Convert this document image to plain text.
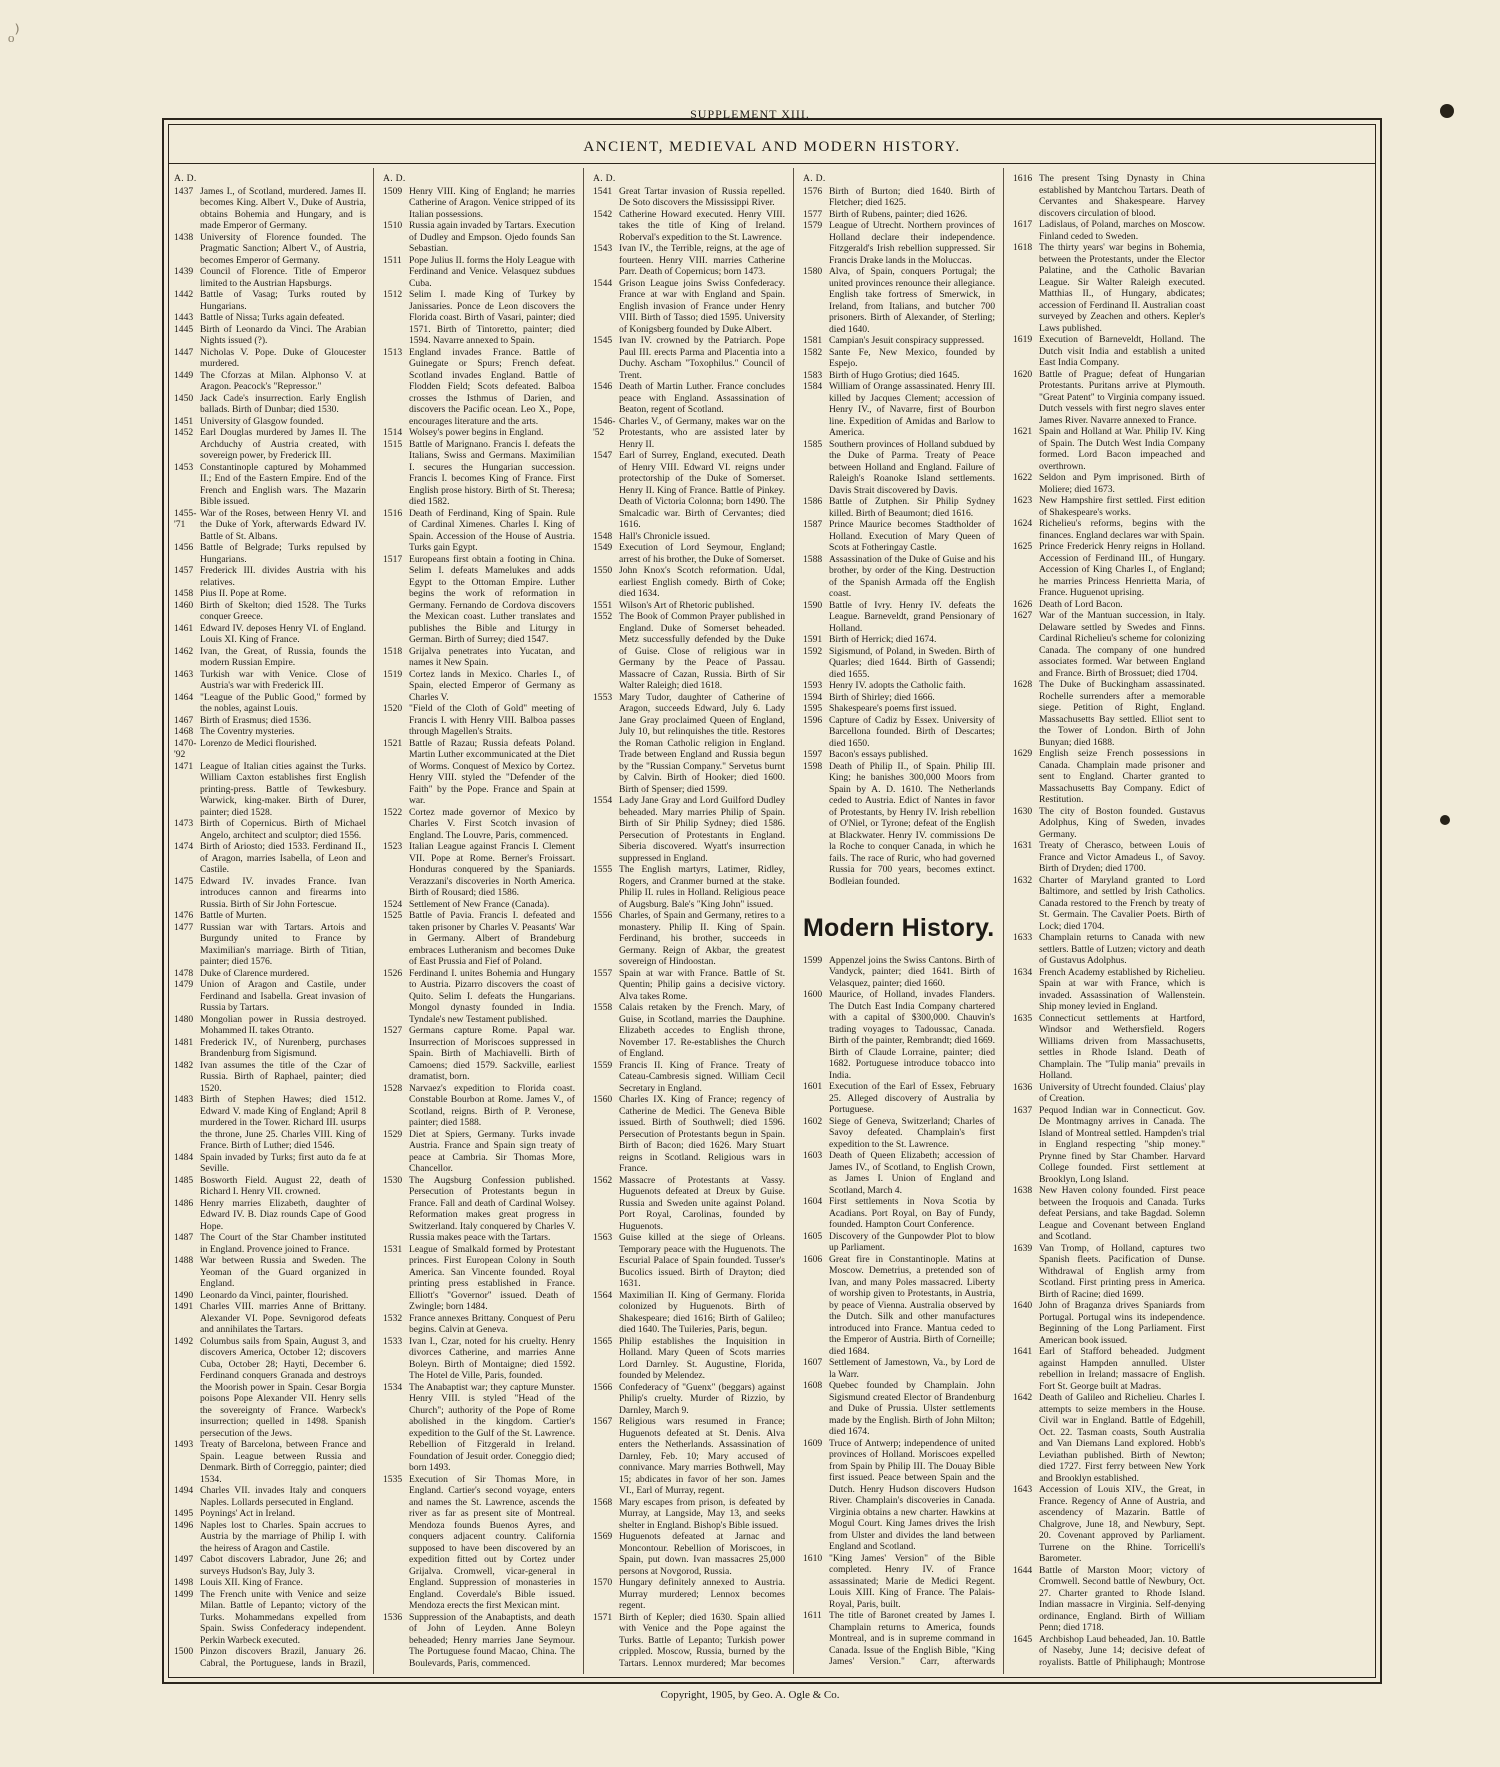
ₒ⁾
SUPPLEMENT XIII.
ANCIENT, MEDIEVAL AND MODERN HISTORY.
A. D.
1437 James I., of Scotland, murdered. James II. becomes King. Albert V., Duke of Austria, obtains Bohemia and Hungary, and is made Emperor of Germany.
1438 University of Florence founded. The Pragmatic Sanction; Albert V., of Austria, becomes Emperor of Germany.
1439 Council of Florence. Title of Emperor limited to the Austrian Hapsburgs.
1442 Battle of Vasag; Turks routed by Hungarians.
1443 Battle of Nissa; Turks again defeated.
1445 Birth of Leonardo da Vinci. The Arabian Nights issued (?).
1447 Nicholas V. Pope. Duke of Gloucester murdered.
1449 The Cforzas at Milan. Alphonso V. at Aragon. Peacock's "Repressor."
1450 Jack Cade's insurrection. Early English ballads. Birth of Dunbar; died 1530.
1451 University of Glasgow founded.
1452 Earl Douglas murdered by James II. The Archduchy of Austria created, with sovereign power, by Frederick III.
1453 Constantinople captured by Mohammed II.; End of the Eastern Empire. End of the French and English wars. The Mazarin Bible issued.
1455-'71
War of the Roses, between Henry VI. and the Duke of York, afterwards Edward IV. Battle of St. Albans.
1456 Battle of Belgrade; Turks repulsed by Hungarians.
1457 Frederick III. divides Austria with his relatives.
1458 Pius II. Pope at Rome.
1460 Birth of Skelton; died 1528. The Turks conquer Greece.
1461 Edward IV. deposes Henry VI. of England. Louis XI. King of France.
1462 Ivan, the Great, of Russia, founds the modern Russian Empire.
1463 Turkish war with Venice. Close of Austria's war with Frederick III.
1464 "League of the Public Good," formed by the nobles, against Louis.
1467 Birth of Erasmus; died 1536.
1468 The Coventry mysteries.
1470-'92
Lorenzo de Medici flourished.
1471 League of Italian cities against the Turks. William Caxton establishes first English printing-press. Battle of Tewkesbury. Warwick, king-maker. Birth of Durer, painter; died 1528.
1473 Birth of Copernicus. Birth of Michael Angelo, architect and sculptor; died 1556.
1474 Birth of Ariosto; died 1533. Ferdinand II., of Aragon, marries Isabella, of Leon and Castile.
1475 Edward IV. invades France. Ivan introduces cannon and firearms into Russia. Birth of Sir John Fortescue.
1476 Battle of Murten.
1477 Russian war with Tartars. Artois and Burgundy united to France by Maximilian's marriage. Birth of Titian, painter; died 1576.
1478 Duke of Clarence murdered.
1479 Union of Aragon and Castile, under Ferdinand and Isabella. Great invasion of Russia by Tartars.
1480 Mongolian power in Russia destroyed. Mohammed II. takes Otranto.
1481 Frederick IV., of Nurenberg, purchases Brandenburg from Sigismund.
1482 Ivan assumes the title of the Czar of Russia. Birth of Raphael, painter; died 1520.
1483 Birth of Stephen Hawes; died 1512. Edward V. made King of England; April 8 murdered in the Tower. Richard III. usurps the throne, June 25. Charles VIII. King of France. Birth of Luther; died 1546.
1484 Spain invaded by Turks; first auto da fe at Seville.
1485 Bosworth Field. August 22, death of Richard I. Henry VII. crowned.
1486 Henry marries Elizabeth, daughter of Edward IV. B. Diaz rounds Cape of Good Hope.
1487 The Court of the Star Chamber instituted in England. Provence joined to France.
1488 War between Russia and Sweden. The Yeoman of the Guard organized in England.
1490 Leonardo da Vinci, painter, flourished.
1491 Charles VIII. marries Anne of Brittany. Alexander VI. Pope. Sevnigorod defeats and annihilates the Tartars.
1492 Columbus sails from Spain, August 3, and discovers America, October 12; discovers Cuba, October 28; Hayti, December 6. Ferdinand conquers Granada and destroys the Moorish power in Spain. Cesar Borgia poisons Pope Alexander VII. Henry sells the sovereignty of France. Warbeck's insurrection; quelled in 1498. Spanish persecution of the Jews.
1493 Treaty of Barcelona, between France and Spain. League between Russia and Denmark. Birth of Correggio, painter; died 1534.
1494 Charles VII. invades Italy and conquers Naples. Lollards persecuted in England.
1495 Poynings' Act in Ireland.
1496 Naples lost to Charles. Spain accrues to Austria by the marriage of Philip I. with the heiress of Aragon and Castile.
1497 Cabot discovers Labrador, June 26; and surveys Hudson's Bay, July 3.
1498 Louis XII. King of France.
1499 The French unite with Venice and seize Milan. Battle of Lepanto; victory of the Turks. Mohammedans expelled from Spain. Swiss Confederacy independent. Perkin Warbeck executed.
1500 Pinzon discovers Brazil, January 26. Cabral, the Portuguese, lands in Brazil,
A. D.
1509 Henry VIII. King of England; he marries Catherine of Aragon. Venice stripped of its Italian possessions.
1510 Russia again invaded by Tartars. Execution of Dudley and Empson. Ojedo founds San Sebastian.
1511 Pope Julius II. forms the Holy League with Ferdinand and Venice. Velasquez subdues Cuba.
1512 Selim I. made King of Turkey by Janissaries. Ponce de Leon discovers the Florida coast. Birth of Vasari, painter; died 1571. Birth of Tintoretto, painter; died 1594. Navarre annexed to Spain.
1513 England invades France. Battle of Guinegate or Spurs; French defeat. Scotland invades England. Battle of Flodden Field; Scots defeated. Balboa crosses the Isthmus of Darien, and discovers the Pacific ocean. Leo X., Pope, encourages literature and the arts.
1514 Wolsey's power begins in England.
1515 Battle of Marignano. Francis I. defeats the Italians, Swiss and Germans. Maximilian I. secures the Hungarian succession. Francis I. becomes King of France. First English prose history. Birth of St. Theresa; died 1582.
1516 Death of Ferdinand, King of Spain. Rule of Cardinal Ximenes. Charles I. King of Spain. Accession of the House of Austria. Turks gain Egypt.
1517 Europeans first obtain a footing in China. Selim I. defeats Mamelukes and adds Egypt to the Ottoman Empire. Luther begins the work of reformation in Germany. Fernando de Cordova discovers the Mexican coast. Luther translates and publishes the Bible and Liturgy in German. Birth of Surrey; died 1547.
1518 Grijalva penetrates into Yucatan, and names it New Spain.
1519 Cortez lands in Mexico. Charles I., of Spain, elected Emperor of Germany as Charles V.
1520 "Field of the Cloth of Gold" meeting of Francis I. with Henry VIII. Balboa passes through Magellen's Straits.
1521 Battle of Razau; Russia defeats Poland. Martin Luther excommunicated at the Diet of Worms. Conquest of Mexico by Cortez. Henry VIII. styled the "Defender of the Faith" by the Pope. France and Spain at war.
1522 Cortez made governor of Mexico by Charles V. First Scotch invasion of England. The Louvre, Paris, commenced.
1523 Italian League against Francis I. Clement VII. Pope at Rome. Berner's Froissart. Honduras conquered by the Spaniards. Verazzani's discoveries in North America. Birth of Rousard; died 1586.
1524 Settlement of New France (Canada).
1525 Battle of Pavia. Francis I. defeated and taken prisoner by Charles V. Peasants' War in Germany. Albert of Brandeburg embraces Lutheranism and becomes Duke of East Prussia and Fief of Poland.
1526 Ferdinand I. unites Bohemia and Hungary to Austria. Pizarro discovers the coast of Quito. Selim I. defeats the Hungarians. Mongol dynasty founded in India. Tyndale's new Testament published.
1527 Germans capture Rome. Papal war. Insurrection of Moriscoes suppressed in Spain. Birth of Machiavelli. Birth of Camoens; died 1579. Sackville, earliest dramatist, born.
1528 Narvaez's expedition to Florida coast. Constable Bourbon at Rome. James V., of Scotland, reigns. Birth of P. Veronese, painter; died 1588.
1529 Diet at Spiers, Germany. Turks invade Austria. France and Spain sign treaty of peace at Cambria. Sir Thomas More, Chancellor.
1530 The Augsburg Confession published. Persecution of Protestants begun in France. Fall and death of Cardinal Wolsey. Reformation makes great progress in Switzerland. Italy conquered by Charles V. Russia makes peace with the Tartars.
1531 League of Smalkald formed by Protestant princes. First European Colony in South America. San Vincente founded. Royal printing press established in France. Elliott's "Governor" issued. Death of Zwingle; born 1484.
1532 France annexes Brittany. Conquest of Peru begins. Calvin at Geneva.
1533 Ivan I., Czar, noted for his cruelty. Henry divorces Catherine, and marries Anne Boleyn. Birth of Montaigne; died 1592. The Hotel de Ville, Paris, founded.
1534 The Anabaptist war; they capture Munster. Henry VIII. is styled "Head of the Church"; authority of the Pope of Rome abolished in the kingdom. Cartier's expedition to the Gulf of the St. Lawrence. Rebellion of Fitzgerald in Ireland. Foundation of Jesuit order. Coneggio died; born 1493.
1535 Execution of Sir Thomas More, in England. Cartier's second voyage, enters and names the St. Lawrence, ascends the river as far as present site of Montreal. Mendoza founds Buenos Ayres, and conquers adjacent country. California supposed to have been discovered by an expedition fitted out by Cortez under Grijalva. Cromwell, vicar-general in England. Suppression of monasteries in England. Coverdale's Bible issued. Mendoza erects the first Mexican mint.
1536 Suppression of the Anabaptists, and death of John of Leyden. Anne Boleyn beheaded; Henry marries Jane Seymour. The Portuguese found Macao, China. The Boulevards, Paris, commenced.
A. D.
1541 Great Tartar invasion of Russia repelled. De Soto discovers the Mississippi River.
1542 Catherine Howard executed. Henry VIII. takes the title of King of Ireland. Roberval's expedition to the St. Lawrence.
1543 Ivan IV., the Terrible, reigns, at the age of fourteen. Henry VIII. marries Catherine Parr. Death of Copernicus; born 1473.
1544 Grison League joins Swiss Confederacy. France at war with England and Spain. English invasion of France under Henry VIII. Birth of Tasso; died 1595. University of Konigsberg founded by Duke Albert.
1545 Ivan IV. crowned by the Patriarch. Pope Paul III. erects Parma and Placentia into a Duchy. Ascham "Toxophilus." Council of Trent.
1546 Death of Martin Luther. France concludes peace with England. Assassination of Beaton, regent of Scotland.
1546-'52
Charles V., of Germany, makes war on the Protestants, who are assisted later by Henry II.
1547 Earl of Surrey, England, executed. Death of Henry VIII. Edward VI. reigns under protectorship of the Duke of Somerset. Henry II. King of France. Battle of Pinkey. Death of Victoria Colonna; born 1490. The Smalcadic war. Birth of Cervantes; died 1616.
1548 Hall's Chronicle issued.
1549 Execution of Lord Seymour, England; arrest of his brother, the Duke of Somerset.
1550 John Knox's Scotch reformation. Udal, earliest English comedy. Birth of Coke; died 1634.
1551 Wilson's Art of Rhetoric published.
1552 The Book of Common Prayer published in England. Duke of Somerset beheaded. Metz successfully defended by the Duke of Guise. Close of religious war in Germany by the Peace of Passau. Massacre of Cazan, Russia. Birth of Sir Walter Raleigh; died 1618.
1553 Mary Tudor, daughter of Catherine of Aragon, succeeds Edward, July 6. Lady Jane Gray proclaimed Queen of England, July 10, but relinquishes the title. Restores the Roman Catholic religion in England. Trade between England and Russia begun by the "Russian Company." Servetus burnt by Calvin. Birth of Hooker; died 1600. Birth of Spenser; died 1599.
1554 Lady Jane Gray and Lord Guilford Dudley beheaded. Mary marries Philip of Spain. Birth of Sir Philip Sydney; died 1586. Persecution of Protestants in England. Siberia discovered. Wyatt's insurrection suppressed in England.
1555 The English martyrs, Latimer, Ridley, Rogers, and Cranmer burned at the stake. Philip II. rules in Holland. Religious peace of Augsburg. Bale's "King John" issued.
1556 Charles, of Spain and Germany, retires to a monastery. Philip II. King of Spain. Ferdinand, his brother, succeeds in Germany. Reign of Akbar, the greatest sovereign of Hindoostan.
1557 Spain at war with France. Battle of St. Quentin; Philip gains a decisive victory. Alva takes Rome.
1558 Calais retaken by the French. Mary, of Guise, in Scotland, marries the Dauphine. Elizabeth accedes to English throne, November 17. Re-establishes the Church of England.
1559 Francis II. King of France. Treaty of Cateau-Cambresis signed. William Cecil Secretary in England.
1560 Charles IX. King of France; regency of Catherine de Medici. The Geneva Bible issued. Birth of Southwell; died 1596. Persecution of Protestants begun in Spain. Birth of Bacon; died 1626. Mary Stuart reigns in Scotland. Religious wars in France.
1562 Massacre of Protestants at Vassy. Huguenots defeated at Dreux by Guise. Russia and Sweden unite against Poland. Port Royal, Carolinas, founded by Huguenots.
1563 Guise killed at the siege of Orleans. Temporary peace with the Huguenots. The Escurial Palace of Spain founded. Tusser's Bucolics issued. Birth of Drayton; died 1631.
1564 Maximilian II. King of Germany. Florida colonized by Huguenots. Birth of Shakespeare; died 1616; Birth of Galileo; died 1640. The Tuileries, Paris, begun.
1565 Philip establishes the Inquisition in Holland. Mary Queen of Scots marries Lord Darnley. St. Augustine, Florida, founded by Melendez.
1566 Confederacy of "Guenx" (beggars) against Philip's cruelty. Murder of Rizzio, by Darnley, March 9.
1567 Religious wars resumed in France; Huguenots defeated at St. Denis. Alva enters the Netherlands. Assassination of Darnley, Feb. 10; Mary accused of connivance. Mary marries Bothwell, May 15; abdicates in favor of her son. James VI., Earl of Murray, regent.
1568 Mary escapes from prison, is defeated by Murray, at Langside, May 13, and seeks shelter in England. Bishop's Bible issued.
1569 Huguenots defeated at Jarnac and Moncontour. Rebellion of Moriscoes, in Spain, put down. Ivan massacres 25,000 persons at Novgorod, Russia.
1570 Hungary definitely annexed to Austria. Murray murdered; Lennox becomes regent.
1571 Birth of Kepler; died 1630. Spain allied with Venice and the Pope against the Turks. Battle of Lepanto; Turkish power crippled. Moscow, Russia, burned by the Tartars. Lennox murdered; Mar becomes
A. D.
1576 Birth of Burton; died 1640. Birth of Fletcher; died 1625.
1577 Birth of Rubens, painter; died 1626.
1579 League of Utrecht. Northern provinces of Holland declare their independence. Fitzgerald's Irish rebellion suppressed. Sir Francis Drake lands in the Moluccas.
1580 Alva, of Spain, conquers Portugal; the united provinces renounce their allegiance. English take fortress of Smerwick, in Ireland, from Italians, and butcher 700 prisoners. Birth of Alexander, of Sterling; died 1640.
1581 Campian's Jesuit conspiracy suppressed.
1582 Sante Fe, New Mexico, founded by Espejo.
1583 Birth of Hugo Grotius; died 1645.
1584 William of Orange assassinated. Henry III. killed by Jacques Clement; accession of Henry IV., of Navarre, first of Bourbon line. Expedition of Amidas and Barlow to America.
1585 Southern provinces of Holland subdued by the Duke of Parma. Treaty of Peace between Holland and England. Failure of Raleigh's Roanoke Island settlements. Davis Strait discovered by Davis.
1586 Battle of Zutphen. Sir Philip Sydney killed. Birth of Beaumont; died 1616.
1587 Prince Maurice becomes Stadtholder of Holland. Execution of Mary Queen of Scots at Fotheringay Castle.
1588 Assassination of the Duke of Guise and his brother, by order of the King. Destruction of the Spanish Armada off the English coast.
1590 Battle of Ivry. Henry IV. defeats the League. Barneveldt, grand Pensionary of Holland.
1591 Birth of Herrick; died 1674.
1592 Sigismund, of Poland, in Sweden. Birth of Quarles; died 1644. Birth of Gassendi; died 1655.
1593 Henry IV. adopts the Catholic faith.
1594 Birth of Shirley; died 1666.
1595 Shakespeare's poems first issued.
1596 Capture of Cadiz by Essex. University of Barcellona founded. Birth of Descartes; died 1650.
1597 Bacon's essays published.
1598 Death of Philip II., of Spain. Philip III. King; he banishes 300,000 Moors from Spain by A. D. 1610. The Netherlands ceded to Austria. Edict of Nantes in favor of Protestants, by Henry IV. Irish rebellion of O'Niel, or Tyrone; defeat of the English at Blackwater. Henry IV. commissions De la Roche to conquer Canada, in which he fails. The race of Ruric, who had governed Russia for 700 years, becomes extinct. Bodleian founded.
Modern History.
1599 Appenzel joins the Swiss Cantons. Birth of Vandyck, painter; died 1641. Birth of Velasquez, painter; died 1660.
1600 Maurice, of Holland, invades Flanders. The Dutch East India Company chartered with a capital of $300,000. Chauvin's trading voyages to Tadoussac, Canada. Birth of the painter, Rembrandt; died 1669. Birth of Claude Lorraine, painter; died 1682. Portuguese introduce tobacco into India.
1601 Execution of the Earl of Essex, February 25. Alleged discovery of Australia by Portuguese.
1602 Siege of Geneva, Switzerland; Charles of Savoy defeated. Champlain's first expedition to the St. Lawrence.
1603 Death of Queen Elizabeth; accession of James IV., of Scotland, to English Crown, as James I. Union of England and Scotland, March 4.
1604 First settlements in Nova Scotia by Acadians. Port Royal, on Bay of Fundy, founded. Hampton Court Conference.
1605 Discovery of the Gunpowder Plot to blow up Parliament.
1606 Great fire in Constantinople. Matins at Moscow. Demetrius, a pretended son of Ivan, and many Poles massacred. Liberty of worship given to Protestants, in Austria, by peace of Vienna. Australia observed by the Dutch. Silk and other manufactures introduced into France. Mantua ceded to the Emperor of Austria. Birth of Corneille; died 1684.
1607 Settlement of Jamestown, Va., by Lord de la Warr.
1608 Quebec founded by Champlain. John Sigismund created Elector of Brandenburg and Duke of Prussia. Ulster settlements made by the English. Birth of John Milton; died 1674.
1609 Truce of Antwerp; independence of united provinces of Holland. Moriscoes expelled from Spain by Philip III. The Douay Bible first issued. Peace between Spain and the Dutch. Henry Hudson discovers Hudson River. Champlain's discoveries in Canada. Virginia obtains a new charter. Hawkins at Mogul Court. King James drives the Irish from Ulster and divides the land between England and Scotland.
1610 "King James' Version" of the Bible completed. Henry IV. of France assassinated; Marie de Medici Regent. Louis XIII. King of France. The Palais-Royal, Paris, built.
1611 The title of Baronet created by James I. Champlain returns to America, founds Montreal, and is in supreme command in Canada. Issue of the English Bible, "King James' Version." Carr, afterwards
1616 The present Tsing Dynasty in China established by Mantchou Tartars. Death of Cervantes and Shakespeare. Harvey discovers circulation of blood.
1617 Ladislaus, of Poland, marches on Moscow. Finland ceded to Sweden.
1618 The thirty years' war begins in Bohemia, between the Protestants, under the Elector Palatine, and the Catholic Bavarian League. Sir Walter Raleigh executed. Matthias II., of Hungary, abdicates; accession of Ferdinand II. Australian coast surveyed by Zeachen and others. Kepler's Laws published.
1619 Execution of Barneveldt, Holland. The Dutch visit India and establish a united East India Company.
1620 Battle of Prague; defeat of Hungarian Protestants. Puritans arrive at Plymouth. "Great Patent" to Virginia company issued. Dutch vessels with first negro slaves enter James River. Navarre annexed to France.
1621 Spain and Holland at War. Philip IV. King of Spain. The Dutch West India Company formed. Lord Bacon impeached and overthrown.
1622 Seldon and Pym imprisoned. Birth of Moliere; died 1673.
1623 New Hampshire first settled. First edition of Shakespeare's works.
1624 Richelieu's reforms, begins with the finances. England declares war with Spain.
1625 Prince Frederick Henry reigns in Holland. Accession of Ferdinand III., of Hungary. Accession of King Charles I., of England; he marries Princess Henrietta Maria, of France. Huguenot uprising.
1626 Death of Lord Bacon.
1627 War of the Mantuan succession, in Italy. Delaware settled by Swedes and Finns. Cardinal Richelieu's scheme for colonizing Canada. The company of one hundred associates formed. War between England and France. Birth of Brossuet; died 1704.
1628 The Duke of Buckingham assassinated. Rochelle surrenders after a memorable siege. Petition of Right, England. Massachusetts Bay settled. Elliot sent to the Tower of London. Birth of John Bunyan; died 1688.
1629 English seize French possessions in Canada. Champlain made prisoner and sent to England. Charter granted to Massachusetts Bay Company. Edict of Restitution.
1630 The city of Boston founded. Gustavus Adolphus, King of Sweden, invades Germany.
1631 Treaty of Cherasco, between Louis of France and Victor Amadeus I., of Savoy. Birth of Dryden; died 1700.
1632 Charter of Maryland granted to Lord Baltimore, and settled by Irish Catholics. Canada restored to the French by treaty of St. Germain. The Cavalier Poets. Birth of Lock; died 1704.
1633 Champlain returns to Canada with new settlers. Battle of Lutzen; victory and death of Gustavus Adolphus.
1634 French Academy established by Richelieu. Spain at war with France, which is invaded. Assassination of Wallenstein. Ship money levied in England.
1635 Connecticut settlements at Hartford, Windsor and Wethersfield. Rogers Williams driven from Massachusetts, settles in Rhode Island. Death of Champlain. The "Tulip mania" prevails in Holland.
1636 University of Utrecht founded. Claius' play of Creation.
1637 Pequod Indian war in Connecticut. Gov. De Montmagny arrives in Canada. The Island of Montreal settled. Hampden's trial in England respecting "ship money." Prynne fined by Star Chamber. Harvard College founded. First settlement at Brooklyn, Long Island.
1638 New Haven colony founded. First peace between the Iroquois and Canada. Turks defeat Persians, and take Bagdad. Solemn League and Covenant between England and Scotland.
1639 Van Tromp, of Holland, captures two Spanish fleets. Pacification of Dunse. Withdrawal of English army from Scotland. First printing press in America. Birth of Racine; died 1699.
1640 John of Braganza drives Spaniards from Portugal. Portugal wins its independence. Beginning of the Long Parliament. First American book issued.
1641 Earl of Stafford beheaded. Judgment against Hampden annulled. Ulster rebellion in Ireland; massacre of English. Fort St. George built at Madras.
1642 Death of Galileo and Richelieu. Charles I. attempts to seize members in the House. Civil war in England. Battle of Edgehill, Oct. 22. Tasman coasts, South Australia and Van Diemans Land explored. Hobb's Leviathan published. Birth of Newton; died 1727. First ferry between New York and Brooklyn established.
1643 Accession of Louis XIV., the Great, in France. Regency of Anne of Austria, and ascendency of Mazarin. Battle of Chalgrove, June 18, and Newbury, Sept. 20. Covenant approved by Parliament. Turrene on the Rhine. Torricelli's Barometer.
1644 Battle of Marston Moor; victory of Cromwell. Second battle of Newbury, Oct. 27. Charter granted to Rhode Island. Indian massacre in Virginia. Self-denying ordinance, England. Birth of William Penn; died 1718.
1645 Archbishop Laud beheaded, Jan. 10. Battle of Naseby, June 14; decisive defeat of royalists. Battle of Philiphaugh; Montrose
Copyright, 1905, by Geo. A. Ogle & Co.
